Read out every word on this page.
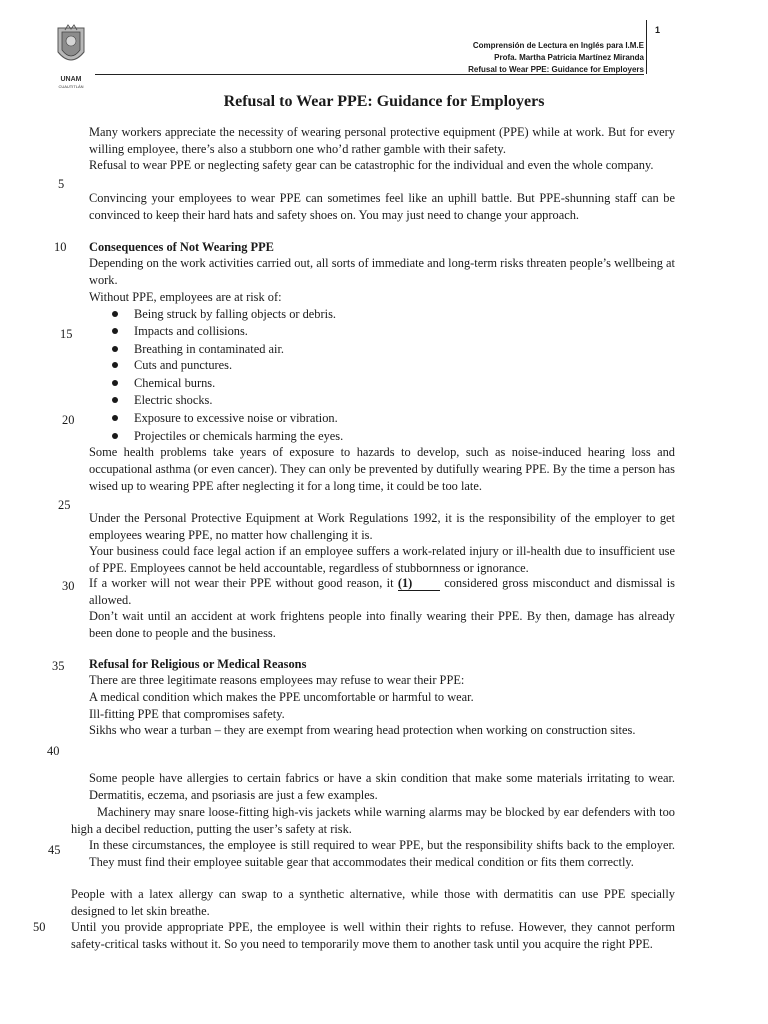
UNAM
CUAUTITLÁN
1
Comprensión de Lectura en Inglés para I.M.E
Profa. Martha Patricia Martínez Miranda
Refusal to Wear PPE: Guidance for Employers
Refusal to Wear PPE: Guidance for Employers
5
10
15
20
25
30
35
40
45
50
Many workers appreciate the necessity of wearing personal protective equipment (PPE) while at work. But for every willing employee, there’s also a stubborn one who’d rather gamble with their safety.
Refusal to wear PPE or neglecting safety gear can be catastrophic for the individual and even the whole company.
Convincing your employees to wear PPE can sometimes feel like an uphill battle. But PPE-shunning staff can be convinced to keep their hard hats and safety shoes on. You may just need to change your approach.
Consequences of Not Wearing PPE
Depending on the work activities carried out, all sorts of immediate and long-term risks threaten people’s wellbeing at work.
Without PPE, employees are at risk of:
Being struck by falling objects or debris.
Impacts and collisions.
Breathing in contaminated air.
Cuts and punctures.
Chemical burns.
Electric shocks.
Exposure to excessive noise or vibration.
Projectiles or chemicals harming the eyes.
Some health problems take years of exposure to hazards to develop, such as noise-induced hearing loss and occupational asthma (or even cancer). They can only be prevented by dutifully wearing PPE. By the time a person has wised up to wearing PPE after neglecting it for a long time, it could be too late.
Under the Personal Protective Equipment at Work Regulations 1992, it is the responsibility of the employer to get employees wearing PPE, no matter how challenging it is.
Your business could face legal action if an employee suffers a work-related injury or ill-health due to insufficient use of PPE. Employees cannot be held accountable, regardless of stubbornness or ignorance.
If a worker will not wear their PPE without good reason, it (1)	considered gross misconduct and dismissal is allowed.
Don’t wait until an accident at work frightens people into finally wearing their PPE. By then, damage has already been done to people and the business.
Refusal for Religious or Medical Reasons
There are three legitimate reasons employees may refuse to wear their PPE:
A medical condition which makes the PPE uncomfortable or harmful to wear.
Ill-fitting PPE that compromises safety.
Sikhs who wear a turban – they are exempt from wearing head protection when working on construction sites.
Some people have allergies to certain fabrics or have a skin condition that make some materials irritating to wear. Dermatitis, eczema, and psoriasis are just a few examples.
Machinery may snare loose-fitting high-vis jackets while warning alarms may be blocked by ear defenders with too high a decibel reduction, putting the user’s safety at risk.
In these circumstances, the employee is still required to wear PPE, but the responsibility shifts back to the employer. They must find their employee suitable gear that accommodates their medical condition or fits them correctly.
People with a latex allergy can swap to a synthetic alternative, while those with dermatitis can use PPE specially designed to let skin breathe.
Until you provide appropriate PPE, the employee is well within their rights to refuse. However, they cannot perform safety-critical tasks without it. So you need to temporarily move them to another task until you acquire the right PPE.
